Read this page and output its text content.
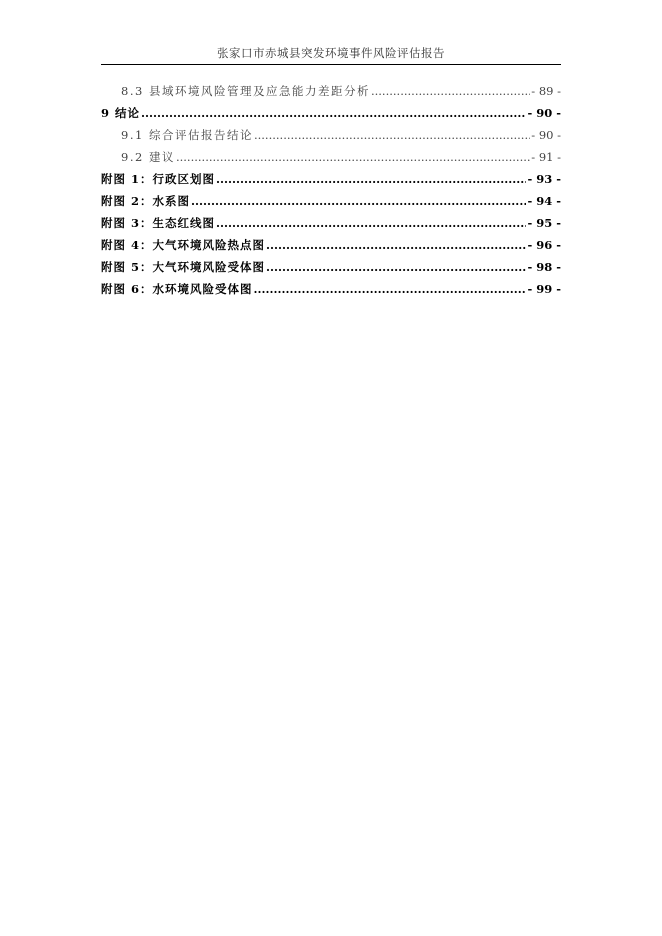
张家口市赤城县突发环境事件风险评估报告
8.3 县域环境风险管理及应急能力差距分析 .....	- 89 -
9 结论 .....	- 90 -
9.1 综合评估报告结论 .....	- 90 -
9.2 建议 .....	- 91 -
附图 1：行政区划图 .....	- 93 -
附图 2：水系图 .....	- 94 -
附图 3：生态红线图 .....	- 95 -
附图 4：大气环境风险热点图 .....	- 96 -
附图 5：大气环境风险受体图 .....	- 98 -
附图 6：水环境风险受体图 .....	- 99 -
